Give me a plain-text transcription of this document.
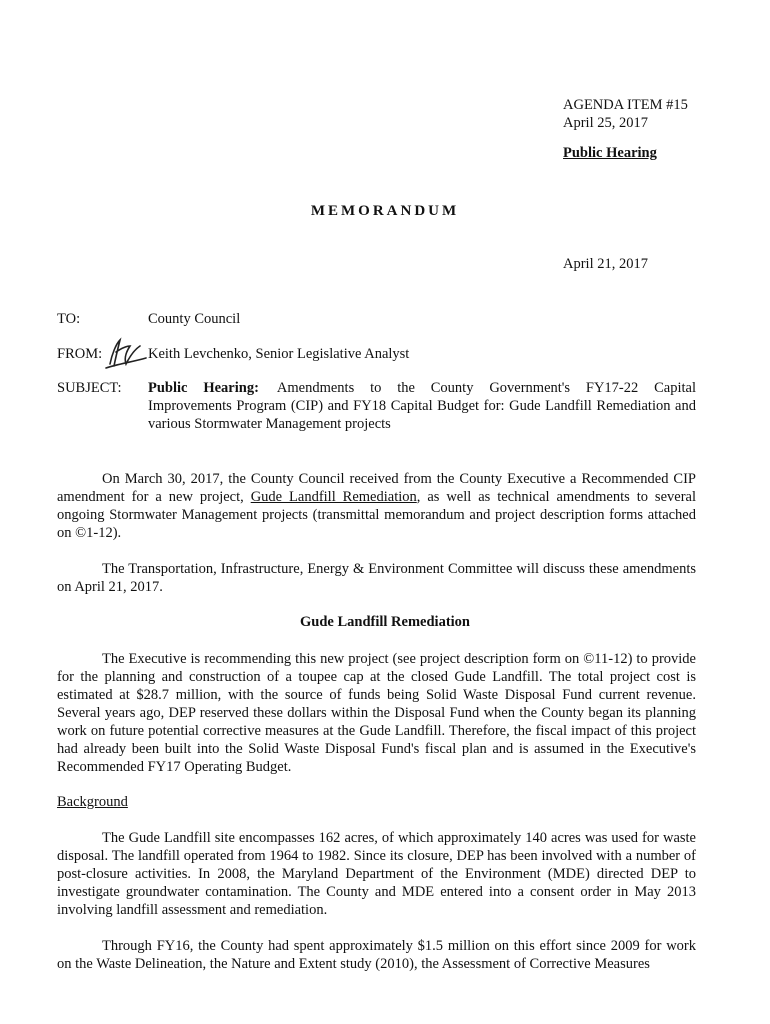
AGENDA ITEM #15
April 25, 2017
Public Hearing
MEMORANDUM
April 21, 2017
TO:	County Council
FROM:	Keith Levchenko, Senior Legislative Analyst
SUBJECT: Public Hearing: Amendments to the County Government's FY17-22 Capital Improvements Program (CIP) and FY18 Capital Budget for: Gude Landfill Remediation and various Stormwater Management projects
On March 30, 2017, the County Council received from the County Executive a Recommended CIP amendment for a new project, Gude Landfill Remediation, as well as technical amendments to several ongoing Stormwater Management projects (transmittal memorandum and project description forms attached on ©1-12).
The Transportation, Infrastructure, Energy & Environment Committee will discuss these amendments on April 21, 2017.
Gude Landfill Remediation
The Executive is recommending this new project (see project description form on ©11-12) to provide for the planning and construction of a toupee cap at the closed Gude Landfill. The total project cost is estimated at $28.7 million, with the source of funds being Solid Waste Disposal Fund current revenue. Several years ago, DEP reserved these dollars within the Disposal Fund when the County began its planning work on future potential corrective measures at the Gude Landfill. Therefore, the fiscal impact of this project had already been built into the Solid Waste Disposal Fund's fiscal plan and is assumed in the Executive's Recommended FY17 Operating Budget.
Background
The Gude Landfill site encompasses 162 acres, of which approximately 140 acres was used for waste disposal. The landfill operated from 1964 to 1982. Since its closure, DEP has been involved with a number of post-closure activities. In 2008, the Maryland Department of the Environment (MDE) directed DEP to investigate groundwater contamination. The County and MDE entered into a consent order in May 2013 involving landfill assessment and remediation.
Through FY16, the County had spent approximately $1.5 million on this effort since 2009 for work on the Waste Delineation, the Nature and Extent study (2010), the Assessment of Corrective Measures
